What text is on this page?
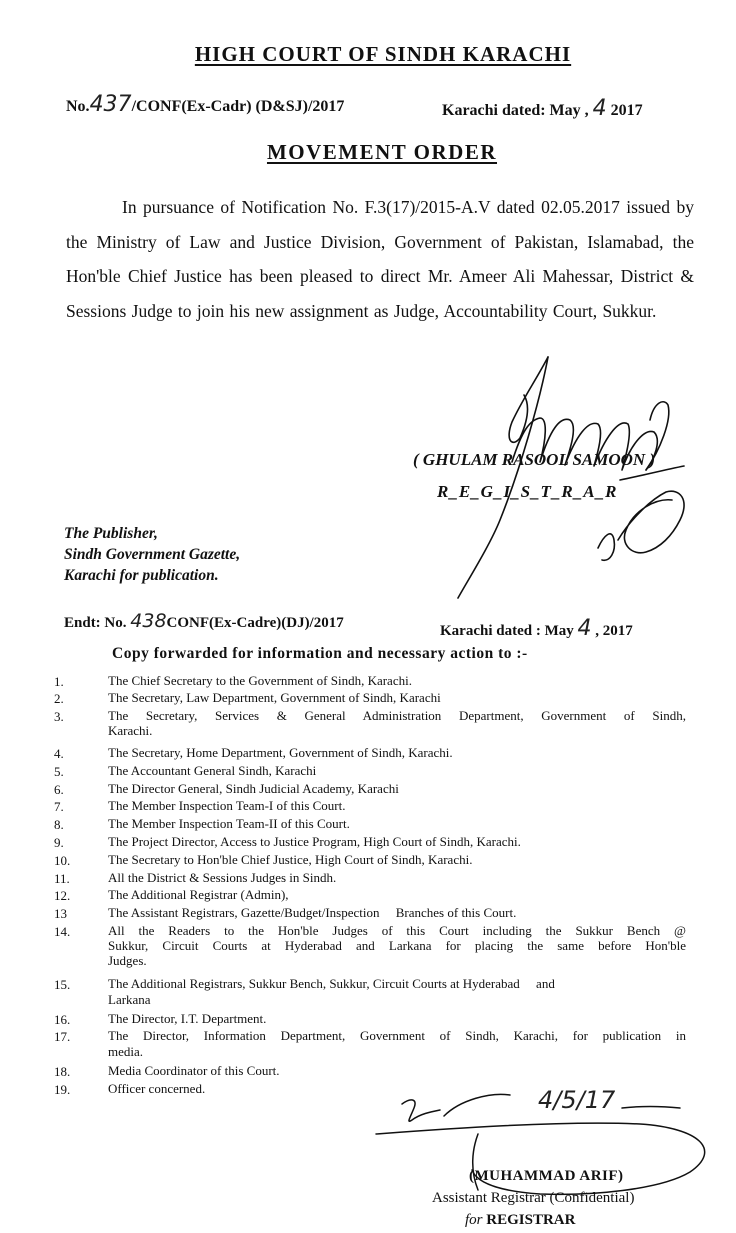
HIGH COURT OF SINDH KARACHI
No.437/CONF(Ex-Cadr) (D&SJ)/2017	Karachi dated: May , 4 2017
MOVEMENT ORDER
In pursuance of Notification No. F.3(17)/2015-A.V dated 02.05.2017 issued by the Ministry of Law and Justice Division, Government of Pakistan, Islamabad, the Hon'ble Chief Justice has been pleased to direct Mr. Ameer Ali Mahessar, District & Sessions Judge to join his new assignment as Judge, Accountability Court, Sukkur.
( GHULAM RASOOL SAMOON )
R_E_G_I_S_T_R_A_R
The Publisher,
Sindh Government Gazette,
Karachi for publication.
Endt: No. 438CONF(Ex-Cadre)(DJ)/2017	Karachi dated : May 4 , 2017
Copy forwarded for information and necessary action to :-
1.	The Chief Secretary to the Government of Sindh, Karachi.
2.	The Secretary, Law Department, Government of Sindh, Karachi
3.	The Secretary, Services & General Administration Department, Government of Sindh,
Karachi.
4.	The Secretary, Home Department, Government of Sindh, Karachi.
5.	The Accountant General Sindh, Karachi
6.	The Director General, Sindh Judicial Academy, Karachi
7.	The Member Inspection Team-I of this Court.
8.	The Member Inspection Team-II of this Court.
9.	The Project Director, Access to Justice Program, High Court of Sindh, Karachi.
10.	The Secretary to Hon'ble Chief Justice, High Court of Sindh, Karachi.
11.	All the District & Sessions Judges in Sindh.
12.	The Additional Registrar (Admin),
13	The Assistant Registrars, Gazette/Budget/Inspection     Branches of this Court.
14.	All the Readers to the Hon'ble Judges of this Court including the Sukkur Bench @
Sukkur, Circuit Courts at Hyderabad and Larkana for placing the same before Hon'ble
Judges.
15.	The Additional Registrars, Sukkur Bench, Sukkur, Circuit Courts at Hyderabad     and
Larkana
16.	The Director, I.T. Department.
17.	The Director, Information Department, Government of Sindh, Karachi, for publication in
media.
18.	Media Coordinator of this Court.
19.	Officer concerned.	4/5/17
(MUHAMMAD ARIF)
Assistant Registrar (Confidential)
for REGISTRAR
